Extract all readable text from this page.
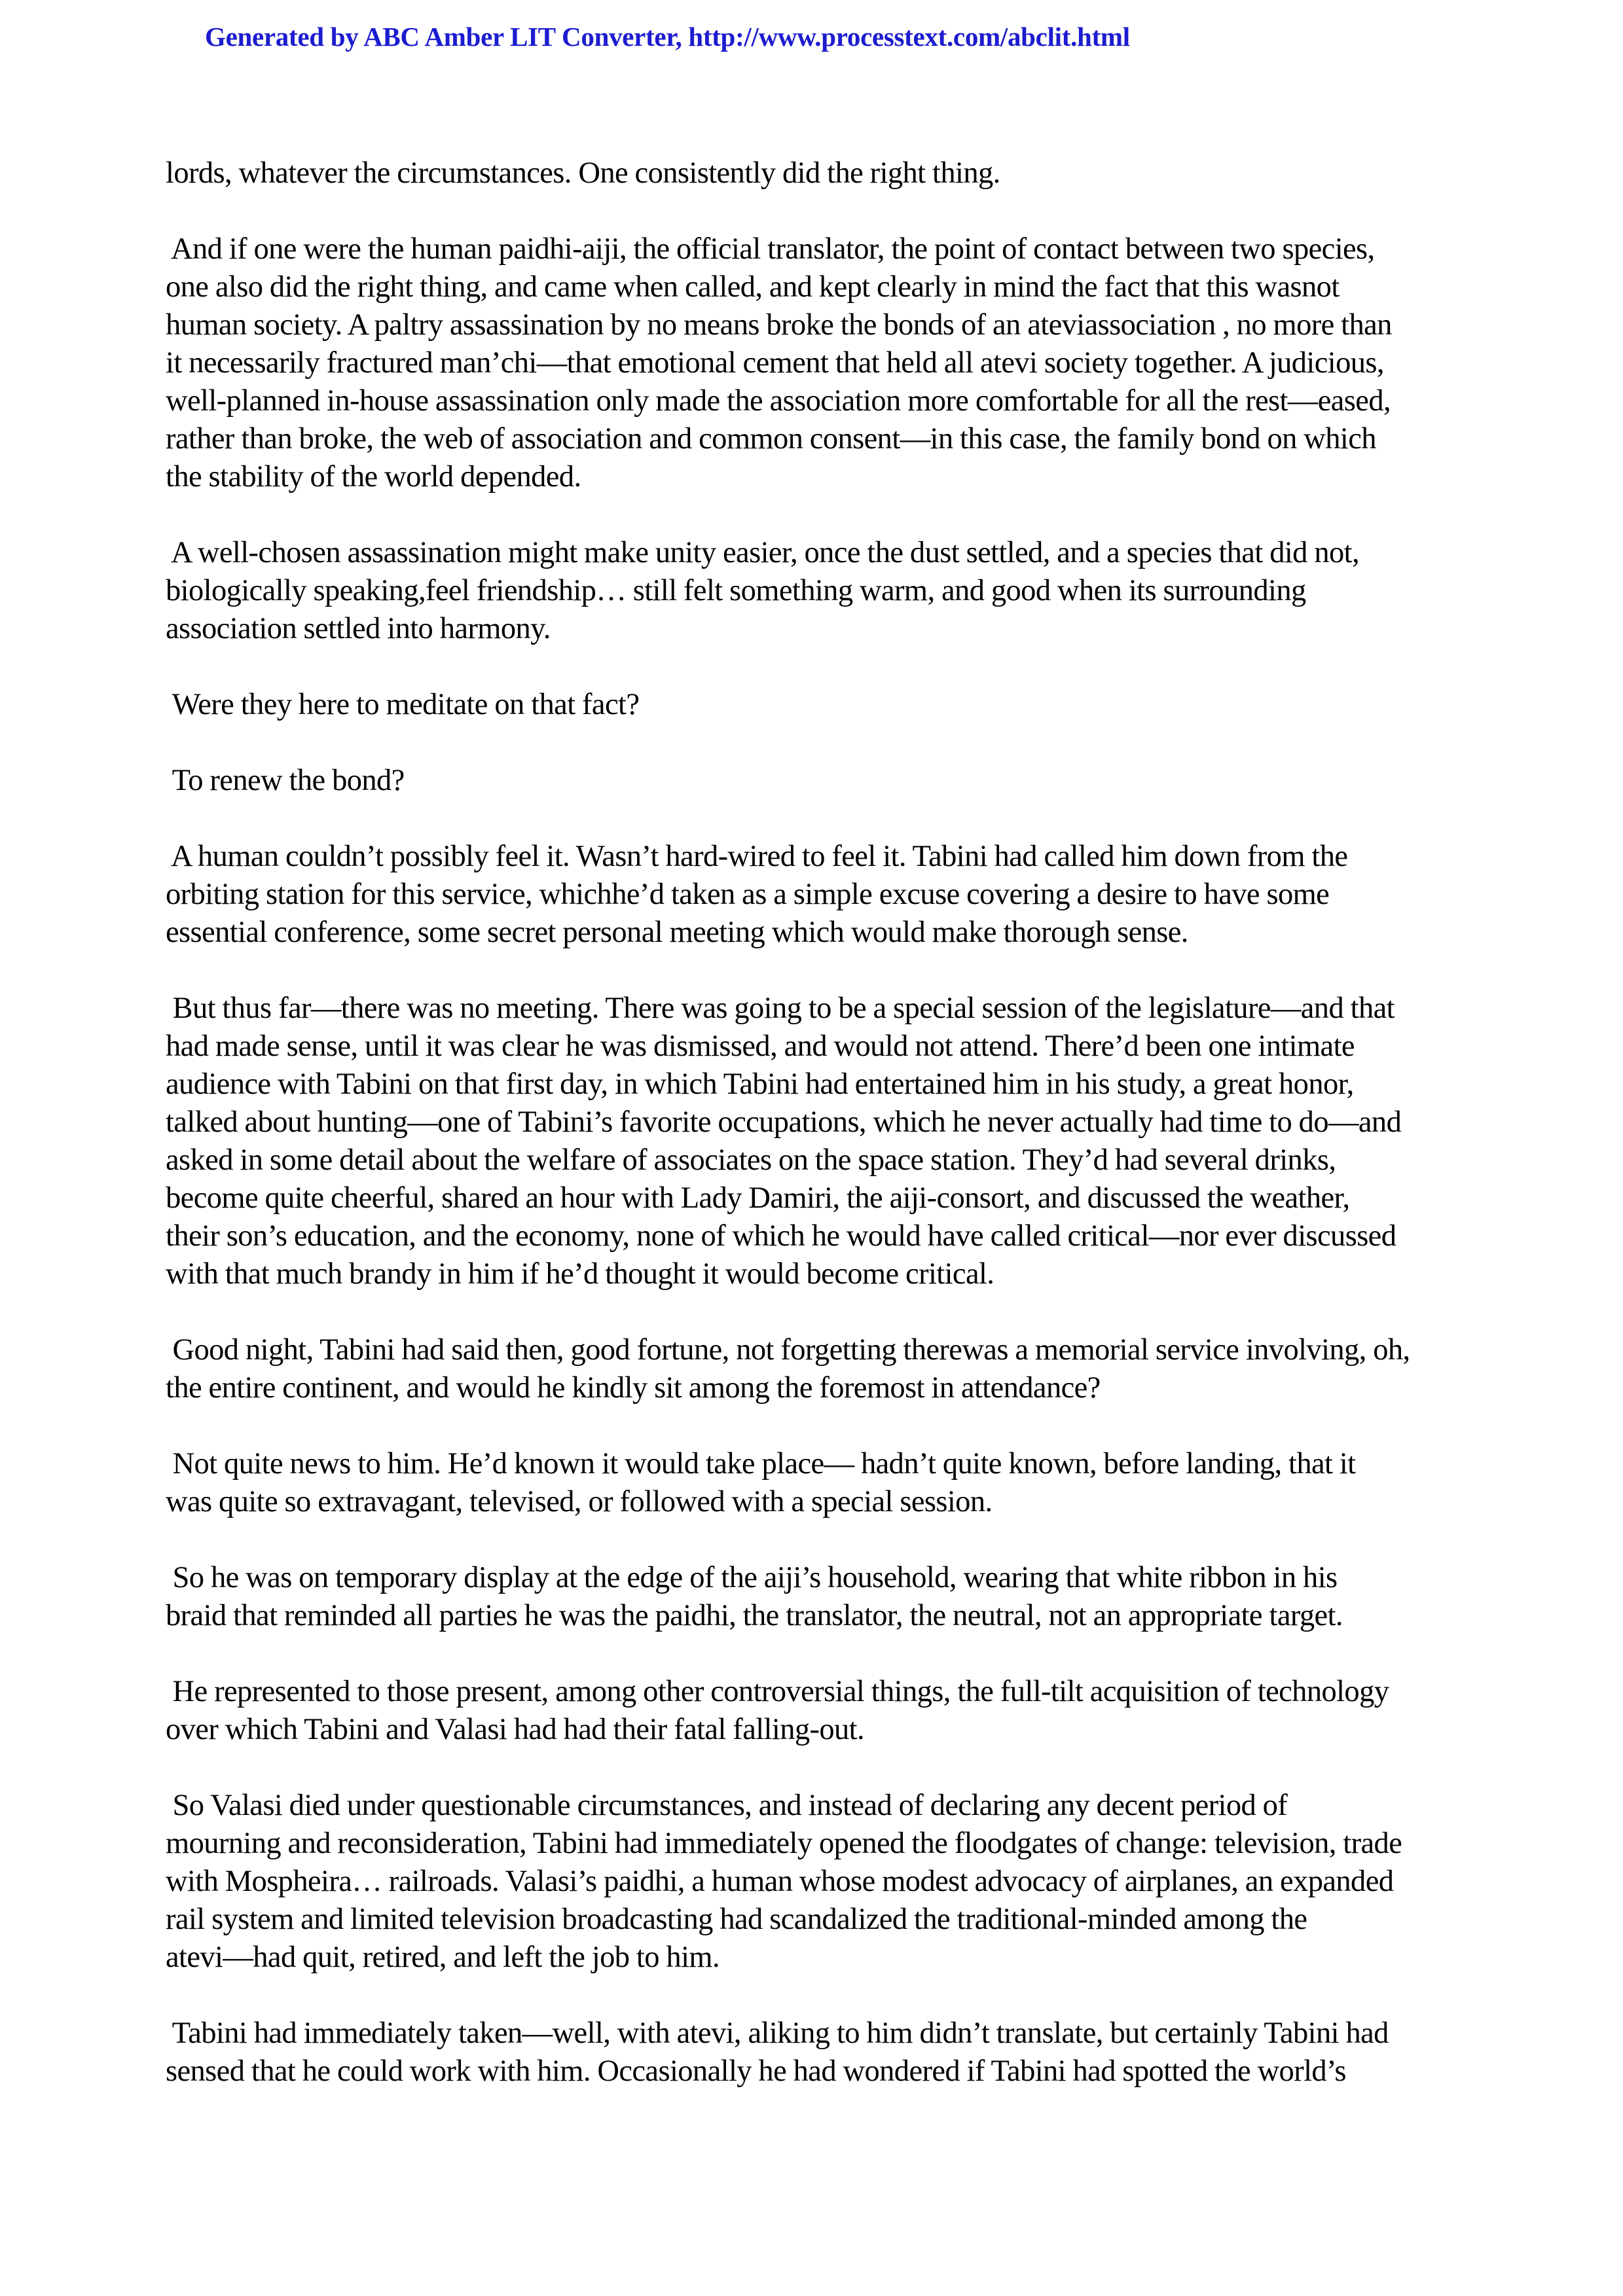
Generated by ABC Amber LIT Converter, http://www.processtext.com/abclit.html

lords, whatever the circumstances. One consistently did the right thing.

And if one were the human paidhi-aiji, the official translator, the point of contact between two species,
one also did the right thing, and came when called, and kept clearly in mind the fact that this wasnot
human society. A paltry assassination by no means broke the bonds of an ateviassociation , no more than
it necessarily fractured man’chi—that emotional cement that held all atevi society together. A judicious,
well-planned in-house assassination only made the association more comfortable for all the rest—eased,
rather than broke, the web of association and common consent—in this case, the family bond on which
the stability of the world depended.

A well-chosen assassination might make unity easier, once the dust settled, and a species that did not,
biologically speaking,feel friendship… still felt something warm, and good when its surrounding
association settled into harmony.

Were they here to meditate on that fact?

To renew the bond?

A human couldn’t possibly feel it. Wasn’t hard-wired to feel it. Tabini had called him down from the
orbiting station for this service, whichhe’d taken as a simple excuse covering a desire to have some
essential conference, some secret personal meeting which would make thorough sense.

But thus far—there was no meeting. There was going to be a special session of the legislature—and that
had made sense, until it was clear he was dismissed, and would not attend. There’d been one intimate
audience with Tabini on that first day, in which Tabini had entertained him in his study, a great honor,
talked about hunting—one of Tabini’s favorite occupations, which he never actually had time to do—and
asked in some detail about the welfare of associates on the space station. They’d had several drinks,
become quite cheerful, shared an hour with Lady Damiri, the aiji-consort, and discussed the weather,
their son’s education, and the economy, none of which he would have called critical—nor ever discussed
with that much brandy in him if he’d thought it would become critical.

Good night, Tabini had said then, good fortune, not forgetting therewas a memorial service involving, oh,
the entire continent, and would he kindly sit among the foremost in attendance?

Not quite news to him. He’d known it would take place— hadn’t quite known, before landing, that it
was quite so extravagant, televised, or followed with a special session.

So he was on temporary display at the edge of the aiji’s household, wearing that white ribbon in his
braid that reminded all parties he was the paidhi, the translator, the neutral, not an appropriate target.

He represented to those present, among other controversial things, the full-tilt acquisition of technology
over which Tabini and Valasi had had their fatal falling-out.

So Valasi died under questionable circumstances, and instead of declaring any decent period of
mourning and reconsideration, Tabini had immediately opened the floodgates of change: television, trade
with Mospheira… railroads. Valasi’s paidhi, a human whose modest advocacy of airplanes, an expanded
rail system and limited television broadcasting had scandalized the traditional-minded among the
atevi—had quit, retired, and left the job to him.

Tabini had immediately taken—well, with atevi, aliking to him didn’t translate, but certainly Tabini had
sensed that he could work with him. Occasionally he had wondered if Tabini had spotted the world’s
